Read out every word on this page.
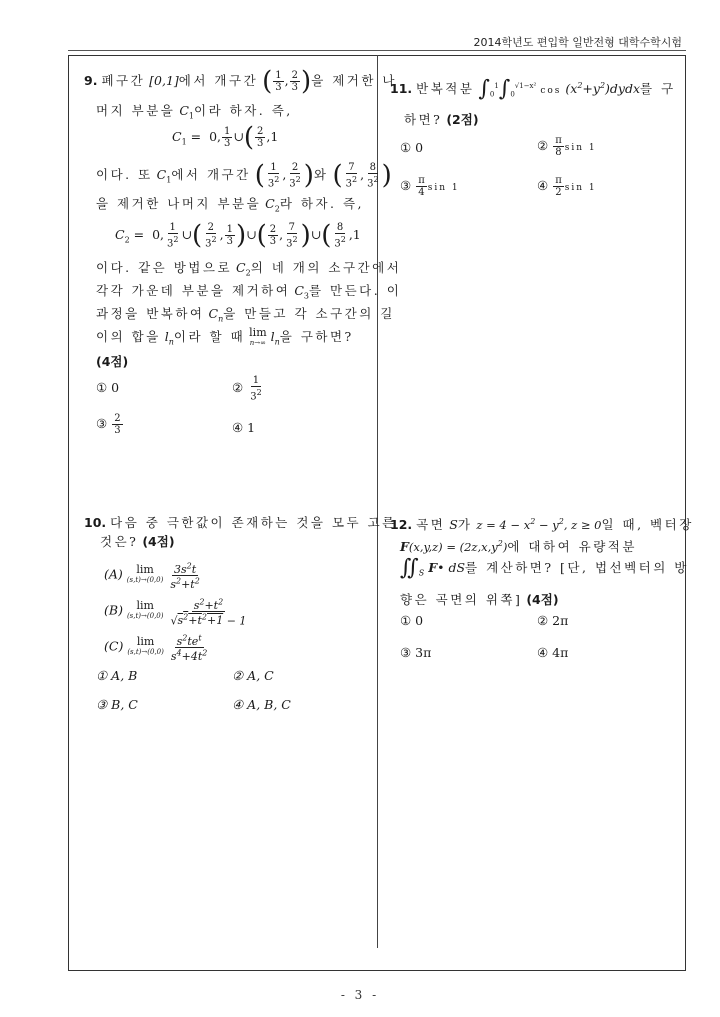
2014학년도 편입학 일반전형 대학수학시험
9. 폐구간 [0,1]에서 개구간 ( $\frac{1}{3}$ , $\frac{2}{3}$ )을 제거한 나
머지 부분을 $C_1$이라 하자. 즉,
$C_1 = 0$, $\frac{1}{3}$ ∪( $\frac{2}{3} ,1$
이다. 또 $C_1$에서 개구간 ( $\frac{1}{3^2}$ , $\frac{2}{3^2}$ )와 ( $\frac{7}{3^2}$ , $\frac{8}{3^2}$ )
을 제거한 나머지 부분을 $C_2$라 하자. 즉,
$C_2 = 0$, $\frac{1}{3^2}$ ∪( $\frac{2}{3^2}$ , $\frac{1}{3}$ )∪( $\frac{2}{3}$ , $\frac{7}{3^2}$ )∪( $\frac{8}{3^2} ,1$
이다. 같은 방법으로 $C_2$의 네 개의 소구간에서
각각 가운데 부분을 제거하여 $C_3$를 만든다. 이
과정을 반복하여 $C_n$을 만들고 각 소구간의 길
이의 합을 $l_n$이라 할 때 lim
n→∞ $l_n$을 구하면?
(4점)
① 0	② $\frac{1}{3^2}$
③ $\frac{2}{3}$	④ 1
10. 다음 중 극한값이 존재하는 것을 모두 고른
것은? (4점)
(A) lim
(s,t)→(0,0)
$\frac{3s^2t}{s^2+t^2}$
(B) lim
(s,t)→(0,0)
$\frac{s^2+t^2}{√s^2+t^2+1 - 1}$
(C) lim
(s,t)→(0,0)
$\frac{s^2te^t}{s^4+4t^2}$
① A, B	② A, C
③ B, C	④ A, B, C
11. 반복적분 $\int_0^1\int_0^{√1-x^2}$ $\cos (x^2+y^2)dydx$를 구
하면? (2점)
① 0	② $\frac{\pi}{8}$ sin 1
③ $\frac{\pi}{4}$ sin 1	④ $\frac{\pi}{2}$ sin 1
12. 곡면 S가 $z = 4 - x^2 - y^2$, z ≥ 0일 때, 벡터장
$F(x,y,z) = (2z,x,y^2)$에 대하여 유량적분
$∬_S$ F• dS를 계산하면? [단, 법선벡터의 방
향은 곡면의 위쪽] (4점)
① 0	② 2π
③ 3π	④ 4π
- 3 -
